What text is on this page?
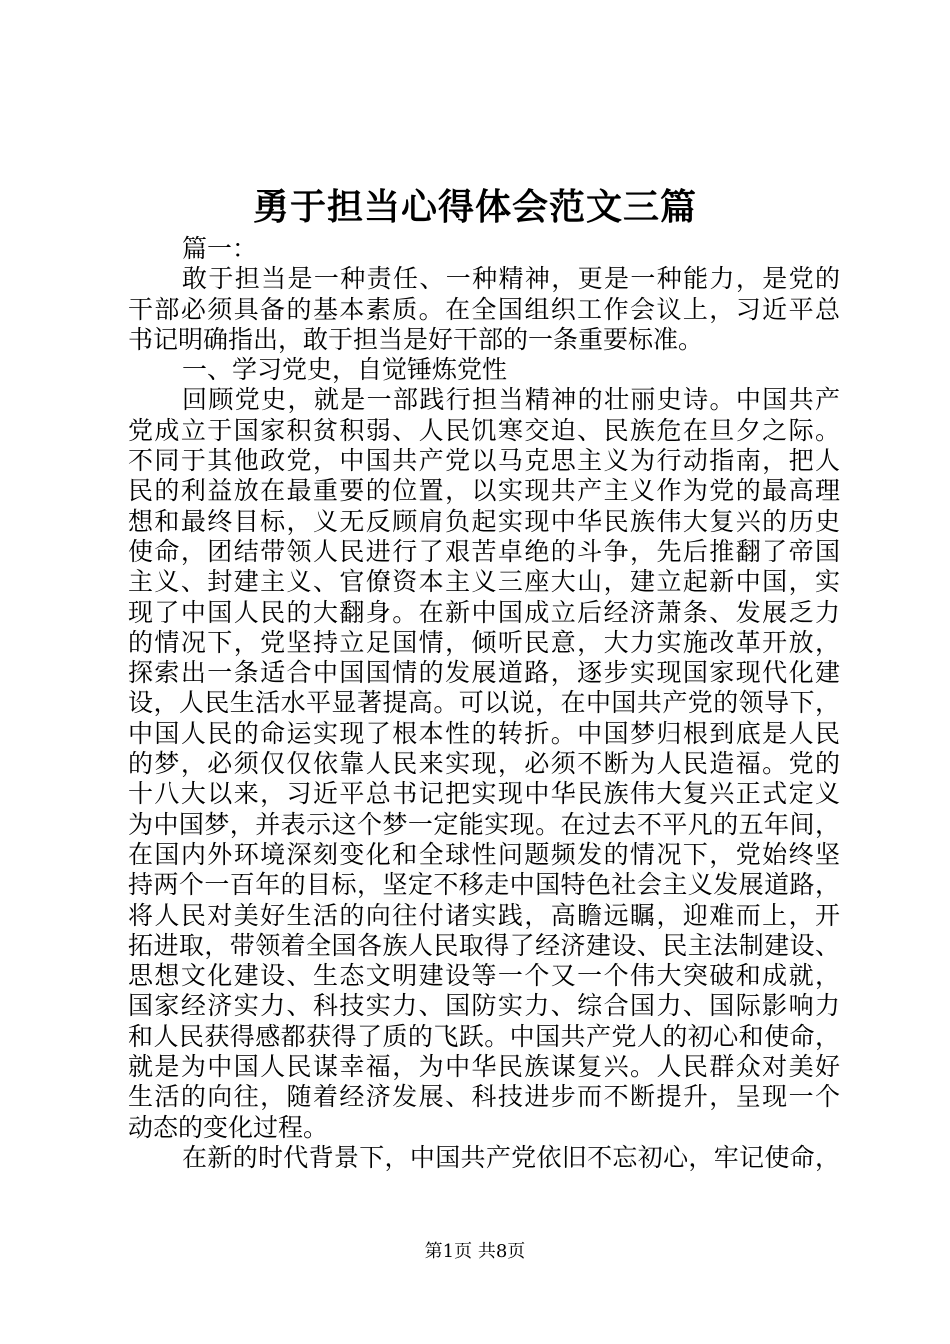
勇于担当心得体会范文三篇
篇一：
敢于担当是一种责任、一种精神，更是一种能力，是党的
干部必须具备的基本素质。在全国组织工作会议上，习近平总
书记明确指出，敢于担当是好干部的一条重要标准。
一、学习党史，自觉锤炼党性
回顾党史，就是一部践行担当精神的壮丽史诗。中国共产
党成立于国家积贫积弱、人民饥寒交迫、民族危在旦夕之际。
不同于其他政党，中国共产党以马克思主义为行动指南，把人
民的利益放在最重要的位置，以实现共产主义作为党的最高理
想和最终目标，义无反顾肩负起实现中华民族伟大复兴的历史
使命，团结带领人民进行了艰苦卓绝的斗争，先后推翻了帝国
主义、封建主义、官僚资本主义三座大山，建立起新中国，实
现了中国人民的大翻身。在新中国成立后经济萧条、发展乏力
的情况下，党坚持立足国情，倾听民意，大力实施改革开放，
探索出一条适合中国国情的发展道路，逐步实现国家现代化建
设，人民生活水平显著提高。可以说，在中国共产党的领导下，
中国人民的命运实现了根本性的转折。中国梦归根到底是人民
的梦，必须仅仅依靠人民来实现，必须不断为人民造福。党的
十八大以来，习近平总书记把实现中华民族伟大复兴正式定义
为中国梦，并表示这个梦一定能实现。在过去不平凡的五年间，
在国内外环境深刻变化和全球性问题频发的情况下，党始终坚
持两个一百年的目标，坚定不移走中国特色社会主义发展道路，
将人民对美好生活的向往付诸实践，高瞻远瞩，迎难而上，开
拓进取，带领着全国各族人民取得了经济建设、民主法制建设、
思想文化建设、生态文明建设等一个又一个伟大突破和成就，
国家经济实力、科技实力、国防实力、综合国力、国际影响力
和人民获得感都获得了质的飞跃。中国共产党人的初心和使命，
就是为中国人民谋幸福，为中华民族谋复兴。人民群众对美好
生活的向往，随着经济发展、科技进步而不断提升，呈现一个
动态的变化过程。
在新的时代背景下，中国共产党依旧不忘初心，牢记使命，
第1页 共8页
